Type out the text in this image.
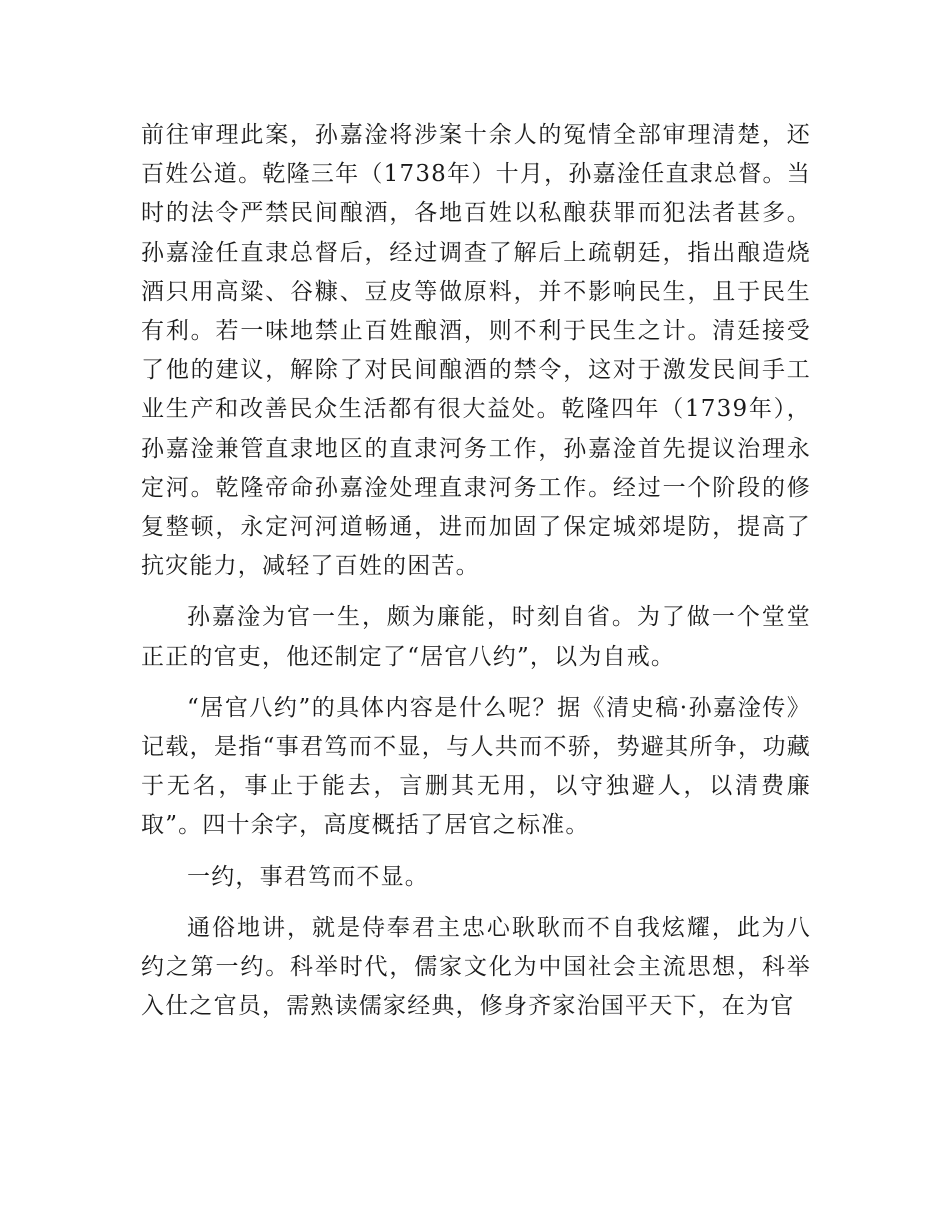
前往审理此案，孙嘉淦将涉案十余人的冤情全部审理清楚，还百姓公道。乾隆三年（1738年）十月，孙嘉淦任直隶总督。当时的法令严禁民间酿酒，各地百姓以私酿获罪而犯法者甚多。孙嘉淦任直隶总督后，经过调查了解后上疏朝廷，指出酿造烧酒只用高粱、谷糠、豆皮等做原料，并不影响民生，且于民生有利。若一味地禁止百姓酿酒，则不利于民生之计。清廷接受了他的建议，解除了对民间酿酒的禁令，这对于激发民间手工业生产和改善民众生活都有很大益处。乾隆四年（1739年），孙嘉淦兼管直隶地区的直隶河务工作，孙嘉淦首先提议治理永定河。乾隆帝命孙嘉淦处理直隶河务工作。经过一个阶段的修复整顿，永定河河道畅通，进而加固了保定城郊堤防，提高了抗灾能力，减轻了百姓的困苦。

孙嘉淦为官一生，颇为廉能，时刻自省。为了做一个堂堂正正的官吏，他还制定了“居官八约”，以为自戒。

“居官八约”的具体内容是什么呢？据《清史稿·孙嘉淦传》记载，是指“事君笃而不显，与人共而不骄，势避其所争，功藏于无名，事止于能去，言删其无用，以守独避人，以清费廉取”。四十余字，高度概括了居官之标准。

一约，事君笃而不显。

通俗地讲，就是侍奉君主忠心耿耿而不自我炫耀，此为八约之第一约。科举时代，儒家文化为中国社会主流思想，科举入仕之官员，需熟读儒家经典，修身齐家治国平天下，在为官
